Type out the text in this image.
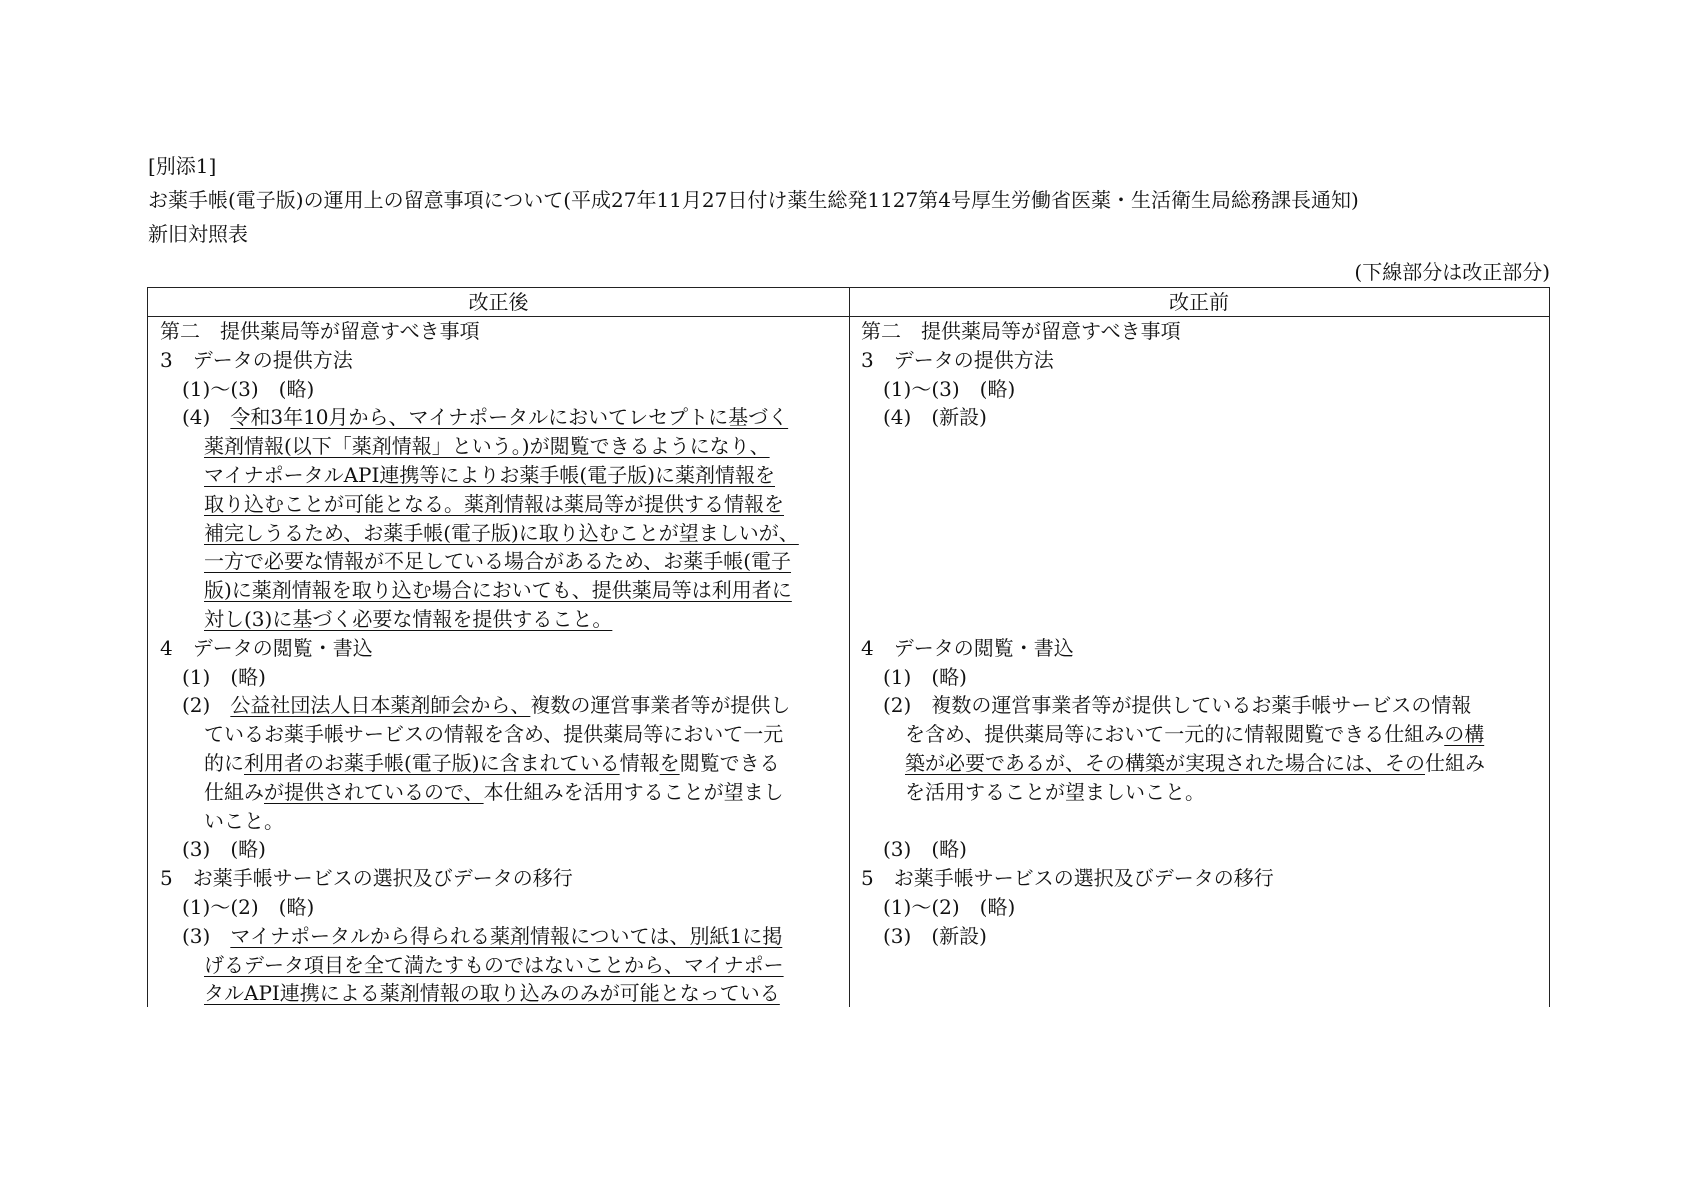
[別添1]
お薬手帳(電子版)の運用上の留意事項について(平成27年11月27日付け薬生総発1127第4号厚生労働省医薬・生活衛生局総務課長通知)
新旧対照表
(下線部分は改正部分)
改正後	改正前
第二　提供薬局等が留意すべき事項
3　データの提供方法
(1)～(3)　(略)
(4)　 令和3年10月から、マイナポータルにおいてレセプトに基づく
薬剤情報(以下「薬剤情報」という。)が閲覧できるようになり、
マイナポータルAPI連携等によりお薬手帳(電子版)に薬剤情報を
取り込むことが可能となる。薬剤情報は薬局等が提供する情報を
補完しうるため、お薬手帳(電子版)に取り込むことが望ましいが、
一方で必要な情報が不足している場合があるため、お薬手帳(電子
版)に薬剤情報を取り込む場合においても、提供薬局等は利用者に
対し(3)に基づく必要な情報を提供すること。
4　データの閲覧・書込
(1)　(略)
(2)　 公益社団法人日本薬剤師会から、複数の運営事業者等が提供し
ているお薬手帳サービスの情報を含め、提供薬局等において一元
的に利用者のお薬手帳(電子版)に含まれている情報を閲覧できる
仕組みが提供されているので、本仕組みを活用することが望まし
いこと。
(3)　(略)
5　お薬手帳サービスの選択及びデータの移行
(1)～(2)　(略)
(3)　 マイナポータルから得られる薬剤情報については、別紙1に掲
げるデータ項目を全て満たすものではないことから、マイナポー
タルAPI連携による薬剤情報の取り込みのみが可能となっている
第二　提供薬局等が留意すべき事項
3　データの提供方法
(1)～(3)　(略)
(4)　(新設)
4　データの閲覧・書込
(1)　(略)
(2)　複数の運営事業者等が提供しているお薬手帳サービスの情報
を含め、提供薬局等において一元的に情報閲覧できる仕組みの構
築が必要であるが、その構築が実現された場合には、その仕組み
を活用することが望ましいこと。
(3)　(略)
5　お薬手帳サービスの選択及びデータの移行
(1)～(2)　(略)
(3)　(新設)
